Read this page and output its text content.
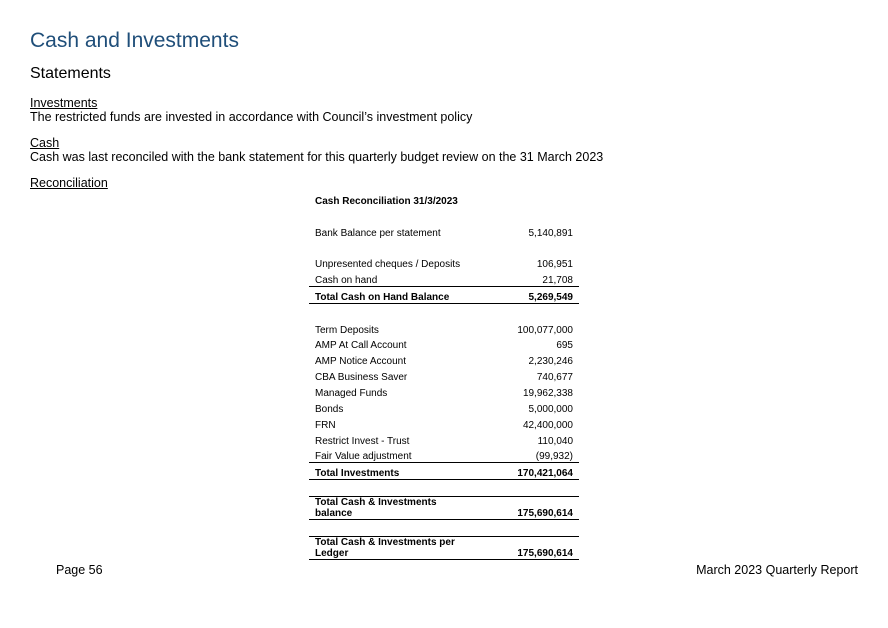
Cash and Investments
Statements
Investments
The restricted funds are invested in accordance with Council’s investment policy
Cash
Cash was last reconciled with the bank statement for this quarterly budget review on the 31 March 2023
Reconciliation
Cash Reconciliation 31/3/2023	

Bank Balance per statement	5,140,891

Unpresented cheques / Deposits	106,951
Cash on hand	21,708
Total Cash on Hand Balance	5,269,549

Term Deposits	100,077,000
AMP At Call Account	695
AMP Notice Account	2,230,246
CBA Business Saver	740,677
Managed Funds	19,962,338
Bonds	5,000,000
FRN	42,400,000
Restrict Invest - Trust	110,040
Fair Value adjustment	(99,932)
Total Investments	170,421,064

Total Cash & Investments balance	175,690,614

Total Cash & Investments per Ledger	175,690,614
Page 56	March 2023 Quarterly Report
